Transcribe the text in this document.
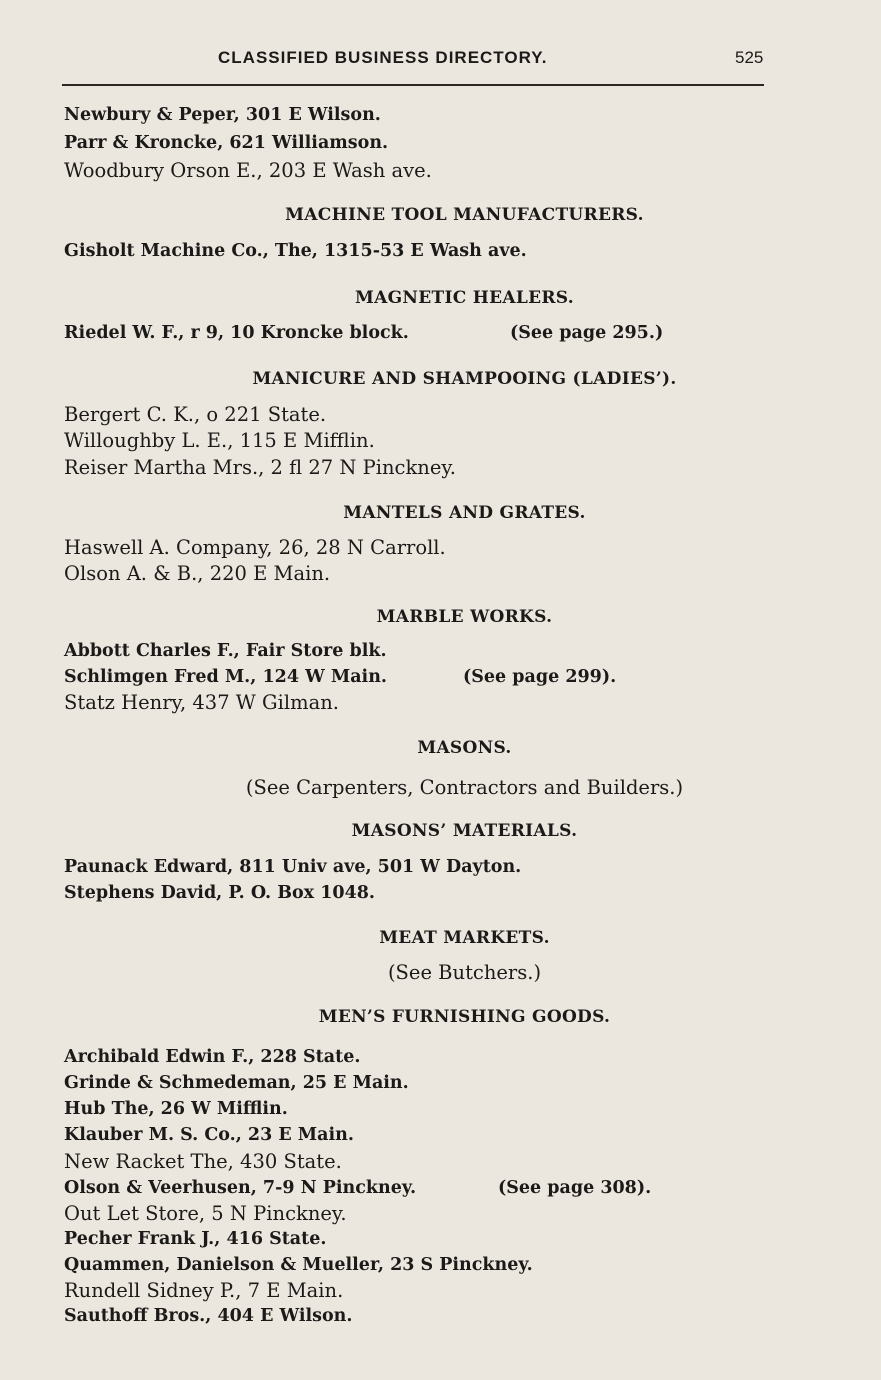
CLASSIFIED BUSINESS DIRECTORY.	525
Newbury & Peper, 301 E Wilson.
Parr & Kroncke, 621 Williamson.
Woodbury Orson E., 203 E Wash ave.
MACHINE TOOL MANUFACTURERS.
Gisholt Machine Co., The, 1315-53 E Wash ave.
MAGNETIC HEALERS.
Riedel W. F., r 9, 10 Kroncke block.	(See page 295.)
MANICURE AND SHAMPOOING (LADIES’).
Bergert C. K., o 221 State.
Willoughby L. E., 115 E Mifflin.
Reiser Martha Mrs., 2 fl 27 N Pinckney.
MANTELS AND GRATES.
Haswell A. Company, 26, 28 N Carroll.
Olson A. & B., 220 E Main.
MARBLE WORKS.
Abbott Charles F., Fair Store blk.
Schlimgen Fred M., 124 W Main.	(See page 299).
Statz Henry, 437 W Gilman.
MASONS.
(See Carpenters, Contractors and Builders.)
MASONS’ MATERIALS.
Paunack Edward, 811 Univ ave, 501 W Dayton.
Stephens David, P. O. Box 1048.
MEAT MARKETS.
(See Butchers.)
MEN’S FURNISHING GOODS.
Archibald Edwin F., 228 State.
Grinde & Schmedeman, 25 E Main.
Hub The, 26 W Mifflin.
Klauber M. S. Co., 23 E Main.
New Racket The, 430 State.
Olson & Veerhusen, 7-9 N Pinckney.	(See page 308).
Out Let Store, 5 N Pinckney.
Pecher Frank J., 416 State.
Quammen, Danielson & Mueller, 23 S Pinckney.
Rundell Sidney P., 7 E Main.
Sauthoff Bros., 404 E Wilson.
